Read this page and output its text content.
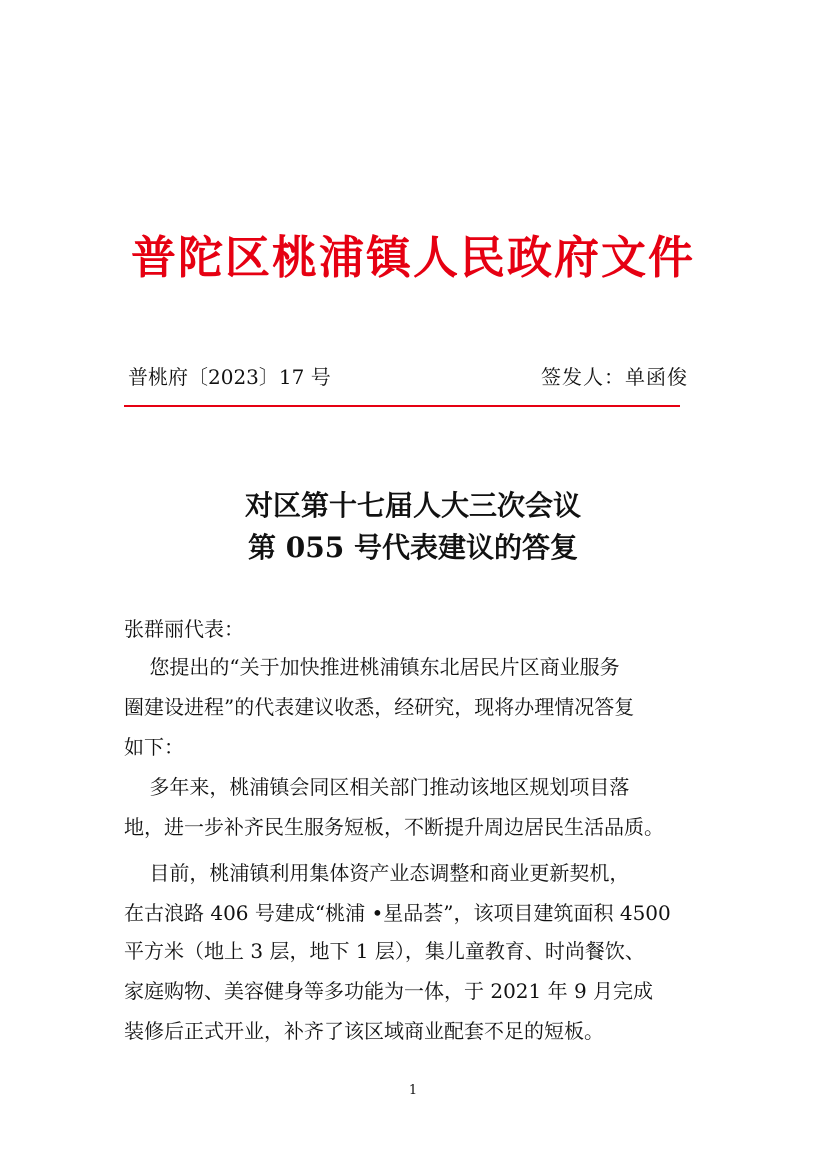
普陀区桃浦镇人民政府文件
普桃府〔2023〕17 号	签发人：单函俊
对区第十七届人大三次会议
第 055 号代表建议的答复
张群丽代表：
您提出的“关于加快推进桃浦镇东北居民片区商业服务
圈建设进程”的代表建议收悉，经研究，现将办理情况答复
如下：
多年来，桃浦镇会同区相关部门推动该地区规划项目落
地，进一步补齐民生服务短板，不断提升周边居民生活品质。
目前，桃浦镇利用集体资产业态调整和商业更新契机，
在古浪路 406 号建成“桃浦 •星品荟”，该项目建筑面积 4500
平方米（地上 3 层，地下 1 层），集儿童教育、时尚餐饮、
家庭购物、美容健身等多功能为一体，于 2021 年 9 月完成
装修后正式开业，补齐了该区域商业配套不足的短板。
1
